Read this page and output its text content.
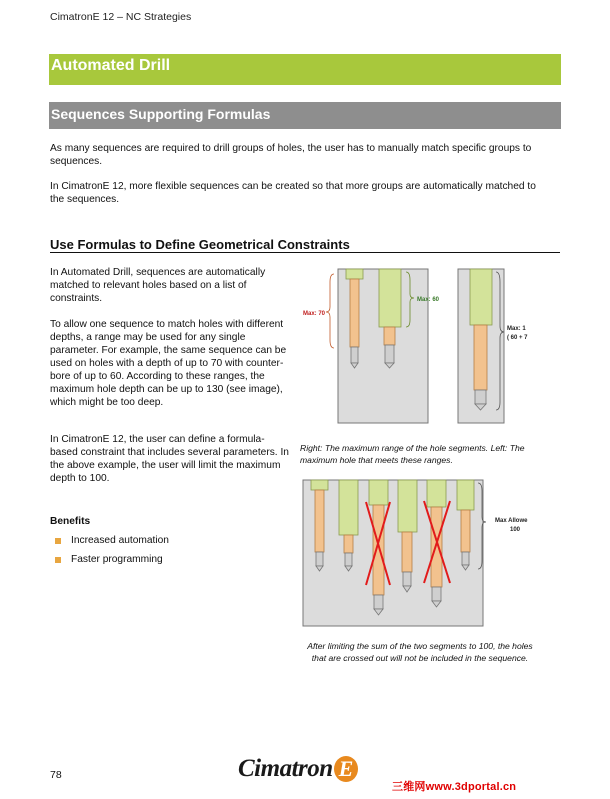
CimatronE 12 – NC Strategies
Automated Drill
Sequences Supporting Formulas

As many sequences are required to drill groups of holes, the user has to manually match specific groups to sequences.

In CimatronE 12, more flexible sequences can be created so that more groups are automatically matched to the sequences.

Use Formulas to Define Geometrical Constraints

In Automated Drill, sequences are automatically matched to relevant holes based on a list of constraints.

To allow one sequence to match holes with different depths, a range may be used for any single parameter. For example, the same sequence can be used on holes with a depth of up to 70 with counter-bore of up to 60. According to these ranges, the maximum hole depth can be up to 130 (see image), which might be too deep.

In CimatronE 12, the user can define a formula-based constraint that includes several parameters. In the above example, the user will limit the maximum depth to 100.

Benefits
Increased automation
Faster programming
Max: 70
Max: 60
Max: 1
( 60 + 7
Right: The maximum range of the hole segments. Left: The maximum hole that meets these ranges.
Max Allowe
100
After limiting the sum of the two segments to 100, the holes that are crossed out will not be included in the sequence.
78	Cimatron E
三维网www.3dportal.cn
